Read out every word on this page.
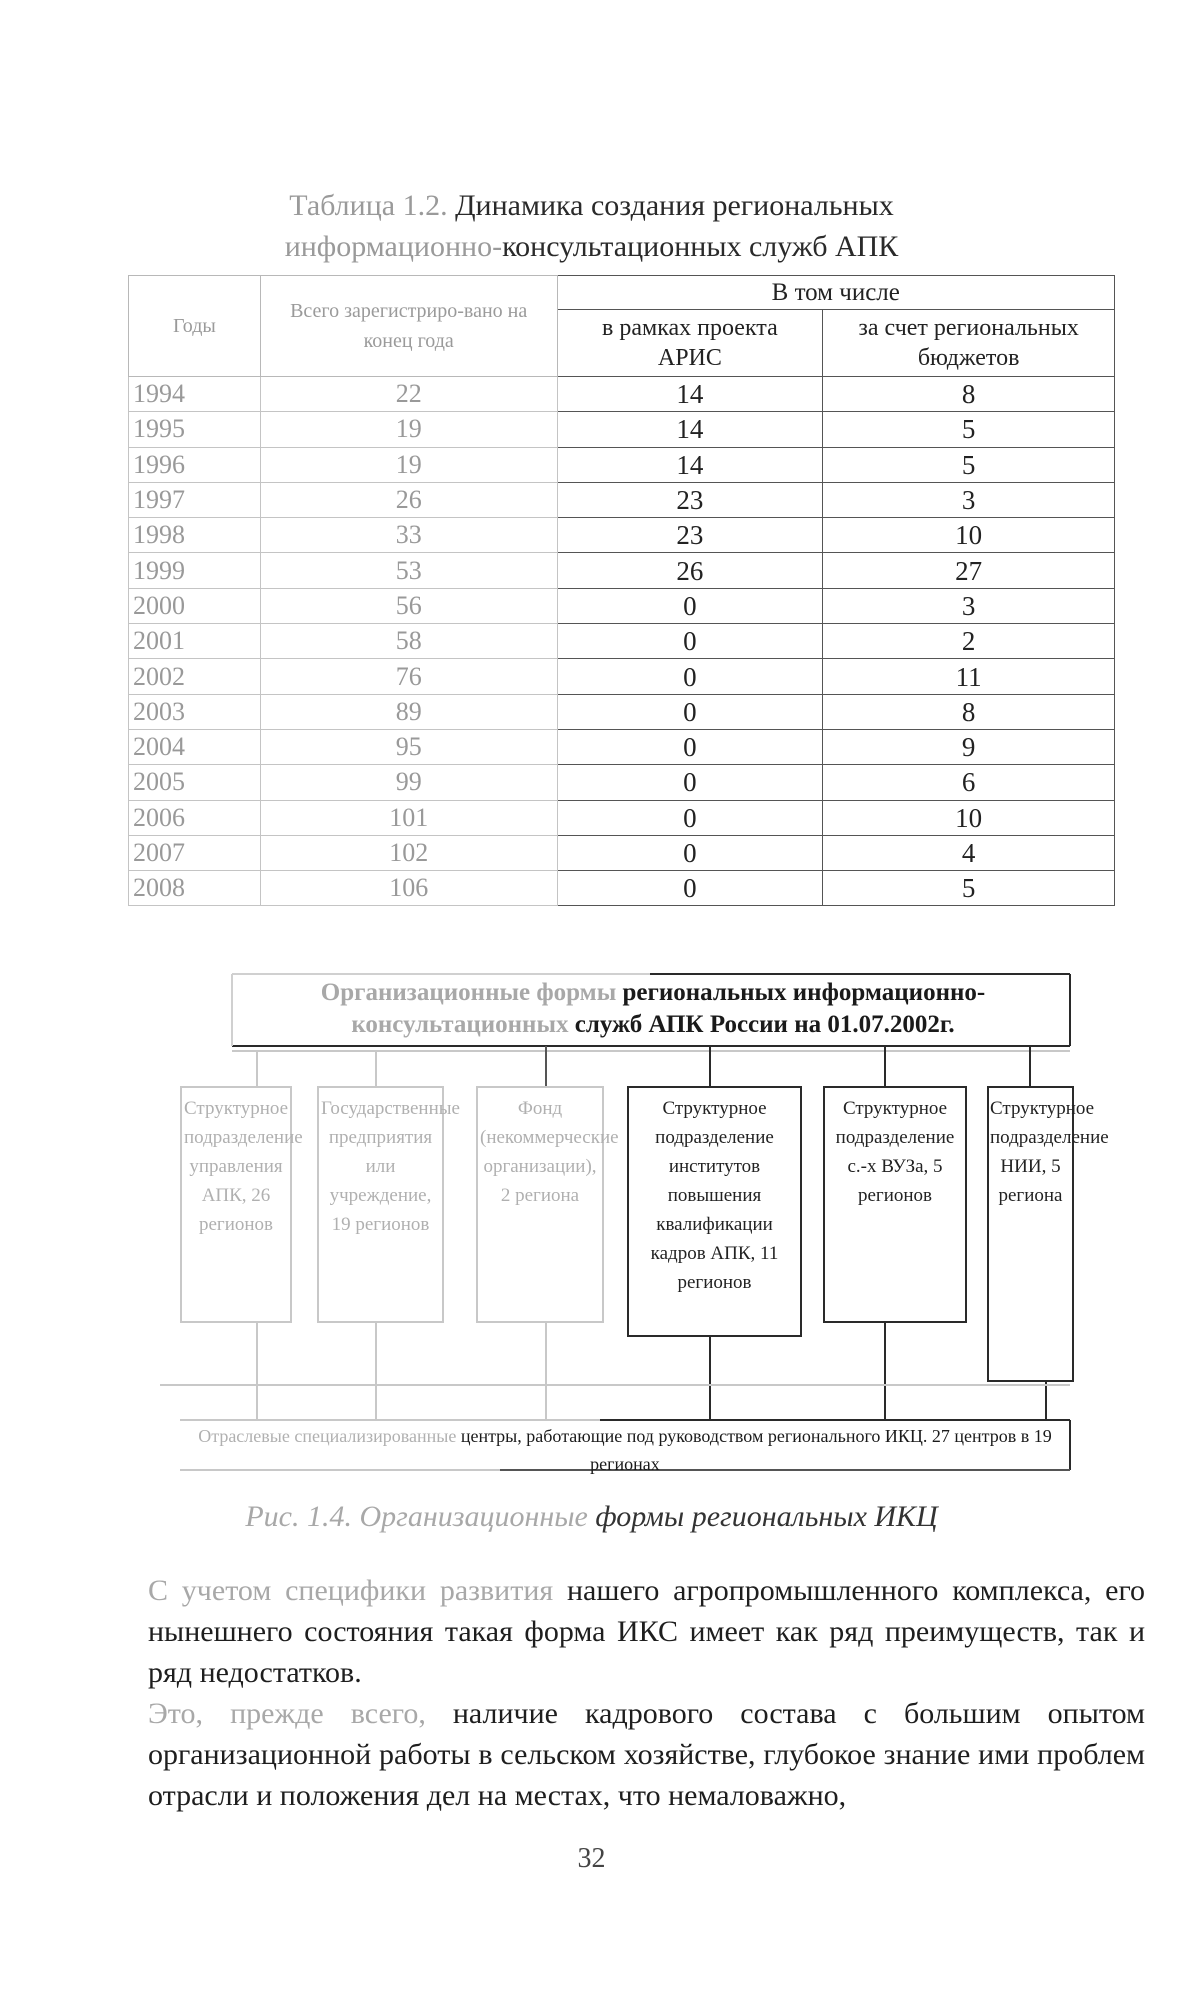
Таблица 1.2. Динамика создания региональных
информационно-консультационных служб АПК
Годы	Всего зарегистриро-вано на конец года	В том числе	
		в рамках проекта АРИС	за счет региональных бюджетов
1994	22	14	8
1995	19	14	5
1996	19	14	5
1997	26	23	3
1998	33	23	10
1999	53	26	27
2000	56	0	3
2001	58	0	2
2002	76	0	11
2003	89	0	8
2004	95	0	9
2005	99	0	6
2006	101	0	10
2007	102	0	4
2008	106	0	5
Организационные формы региональных информационно-
консультационных служб АПК России на 01.07.2002г.
Структурное подразделение управления АПК, 26 регионов
Государственные предприятия или учреждение, 19 регионов
Фонд (некоммерческие организации), 2 региона
Структурное подразделение институтов повышения квалификации кадров АПК, 11 регионов
Структурное подразделение с.-х ВУЗа, 5 регионов
Структурное подразделение НИИ, 5 региона
Отраслевые специализированные центры, работающие под руководством регионального ИКЦ. 27 центров в 19 регионах
Рис. 1.4. Организационные формы региональных ИКЦ
С учетом специфики развития нашего агропромышленного комплекса, его нынешнего состояния такая форма ИКС имеет как ряд преимуществ, так и ряд недостатков.
Это, прежде всего, наличие кадрового состава с большим опытом организационной работы в сельском хозяйстве, глубокое знание ими проблем отрасли и положения дел на местах, что немаловажно,
32
